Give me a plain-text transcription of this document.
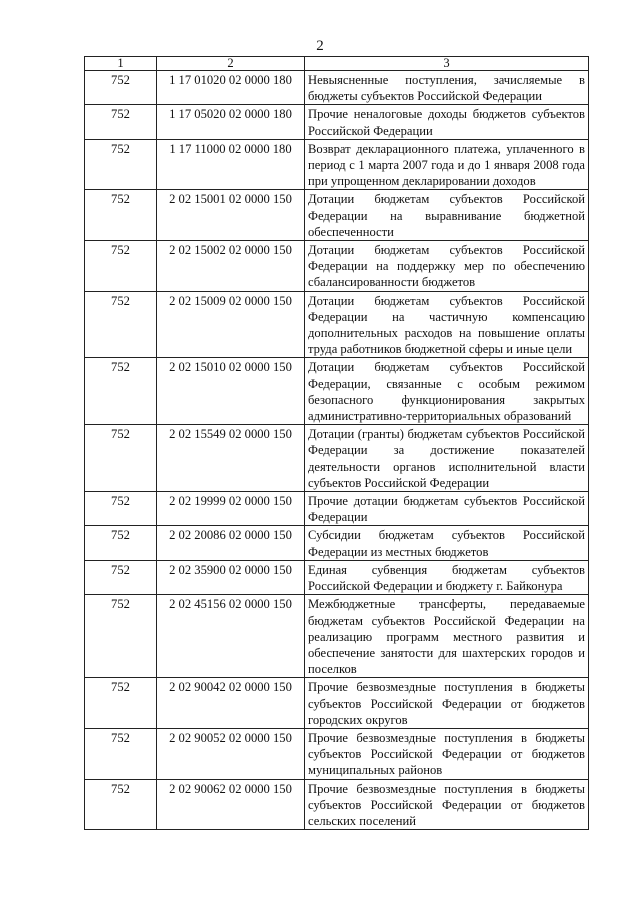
2
1	2	3
752	1 17 01020 02 0000 180	Невыясненные поступления, зачисляемые в бюджеты субъектов Российской Федерации
752	1 17 05020 02 0000 180	Прочие неналоговые доходы бюджетов субъектов Российской Федерации
752	1 17 11000 02 0000 180	Возврат декларационного платежа, уплаченного в период с 1 марта 2007 года и до 1 января 2008 года при упрощенном декларировании доходов
752	2 02 15001 02 0000 150	Дотации бюджетам субъектов Российской Федерации на выравнивание бюджетной обеспеченности
752	2 02 15002 02 0000 150	Дотации бюджетам субъектов Российской Федерации на поддержку мер по обеспечению сбалансированности бюджетов
752	2 02 15009 02 0000 150	Дотации бюджетам субъектов Российской Федерации на частичную компенсацию дополнительных расходов на повышение оплаты труда работников бюджетной сферы и иные цели
752	2 02 15010 02 0000 150	Дотации бюджетам субъектов Российской Федерации, связанные с особым режимом безопасного функционирования закрытых административно-территориальных образований
752	2 02 15549 02 0000 150	Дотации (гранты) бюджетам субъектов Российской Федерации за достижение показателей деятельности органов исполнительной власти субъектов Российской Федерации
752	2 02 19999 02 0000 150	Прочие дотации бюджетам субъектов Российской Федерации
752	2 02 20086 02 0000 150	Субсидии бюджетам субъектов Российской Федерации из местных бюджетов
752	2 02 35900 02 0000 150	Единая субвенция бюджетам субъектов Российской Федерации и бюджету г. Байконура
752	2 02 45156 02 0000 150	Межбюджетные трансферты, передаваемые бюджетам субъектов Российской Федерации на реализацию программ местного развития и обеспечение занятости для шахтерских городов и поселков
752	2 02 90042 02 0000 150	Прочие безвозмездные поступления в бюджеты субъектов Российской Федерации от бюджетов городских округов
752	2 02 90052 02 0000 150	Прочие безвозмездные поступления в бюджеты субъектов Российской Федерации от бюджетов муниципальных районов
752	2 02 90062 02 0000 150	Прочие безвозмездные поступления в бюджеты субъектов Российской Федерации от бюджетов сельских поселений
